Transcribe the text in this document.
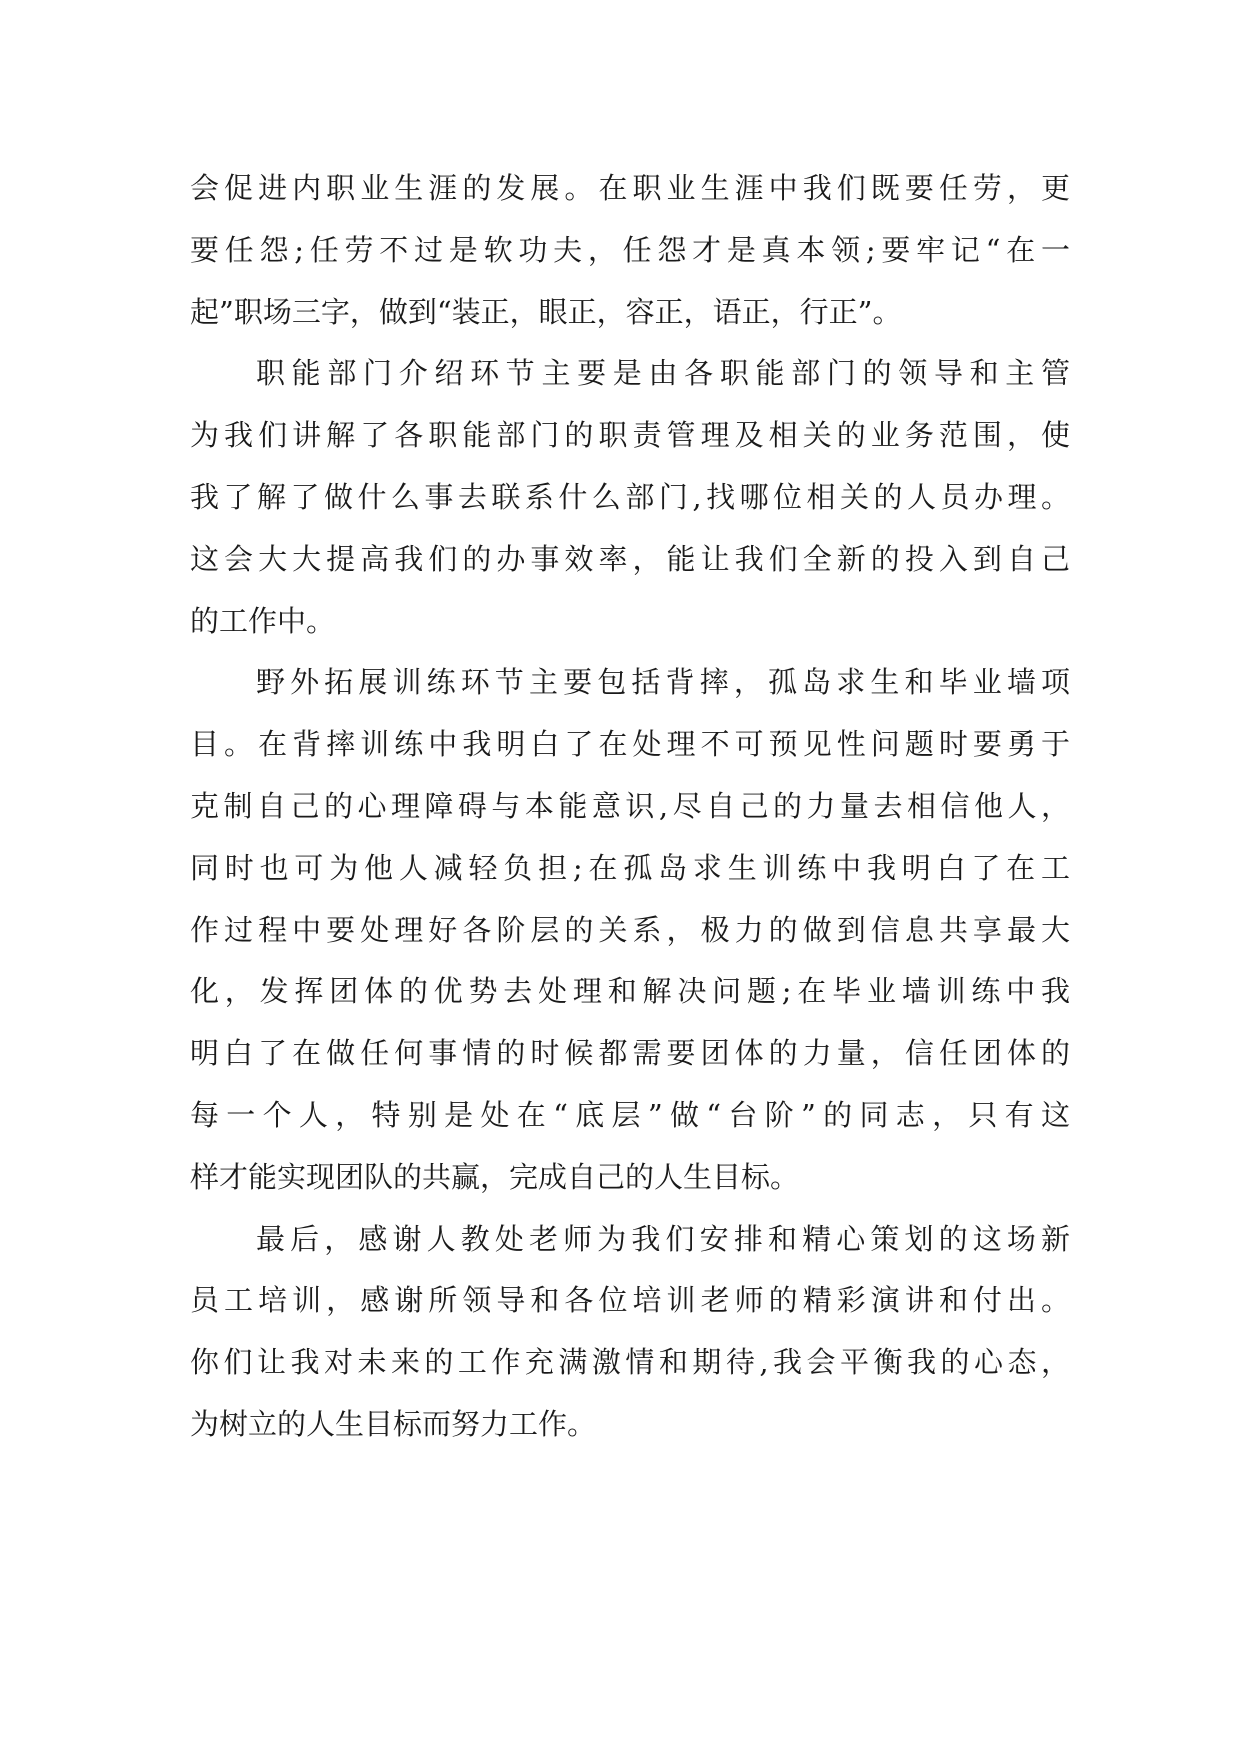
会促进内职业生涯的发展。在职业生涯中我们既要任劳，更
要任怨;任劳不过是软功夫，任怨才是真本领;要牢记“在一
起”职场三字，做到“装正，眼正，容正，语正，行正”。
职能部门介绍环节主要是由各职能部门的领导和主管
为我们讲解了各职能部门的职责管理及相关的业务范围，使
我了解了做什么事去联系什么部门,找哪位相关的人员办理。
这会大大提高我们的办事效率，能让我们全新的投入到自己
的工作中。
野外拓展训练环节主要包括背摔，孤岛求生和毕业墙项
目。在背摔训练中我明白了在处理不可预见性问题时要勇于
克制自己的心理障碍与本能意识,尽自己的力量去相信他人，
同时也可为他人减轻负担;在孤岛求生训练中我明白了在工
作过程中要处理好各阶层的关系，极力的做到信息共享最大
化，发挥团体的优势去处理和解决问题;在毕业墙训练中我
明白了在做任何事情的时候都需要团体的力量，信任团体的
每一个人，特别是处在“底层”做“台阶”的同志，只有这
样才能实现团队的共赢，完成自己的人生目标。
最后，感谢人教处老师为我们安排和精心策划的这场新
员工培训，感谢所领导和各位培训老师的精彩演讲和付出。
你们让我对未来的工作充满激情和期待,我会平衡我的心态，
为树立的人生目标而努力工作。
